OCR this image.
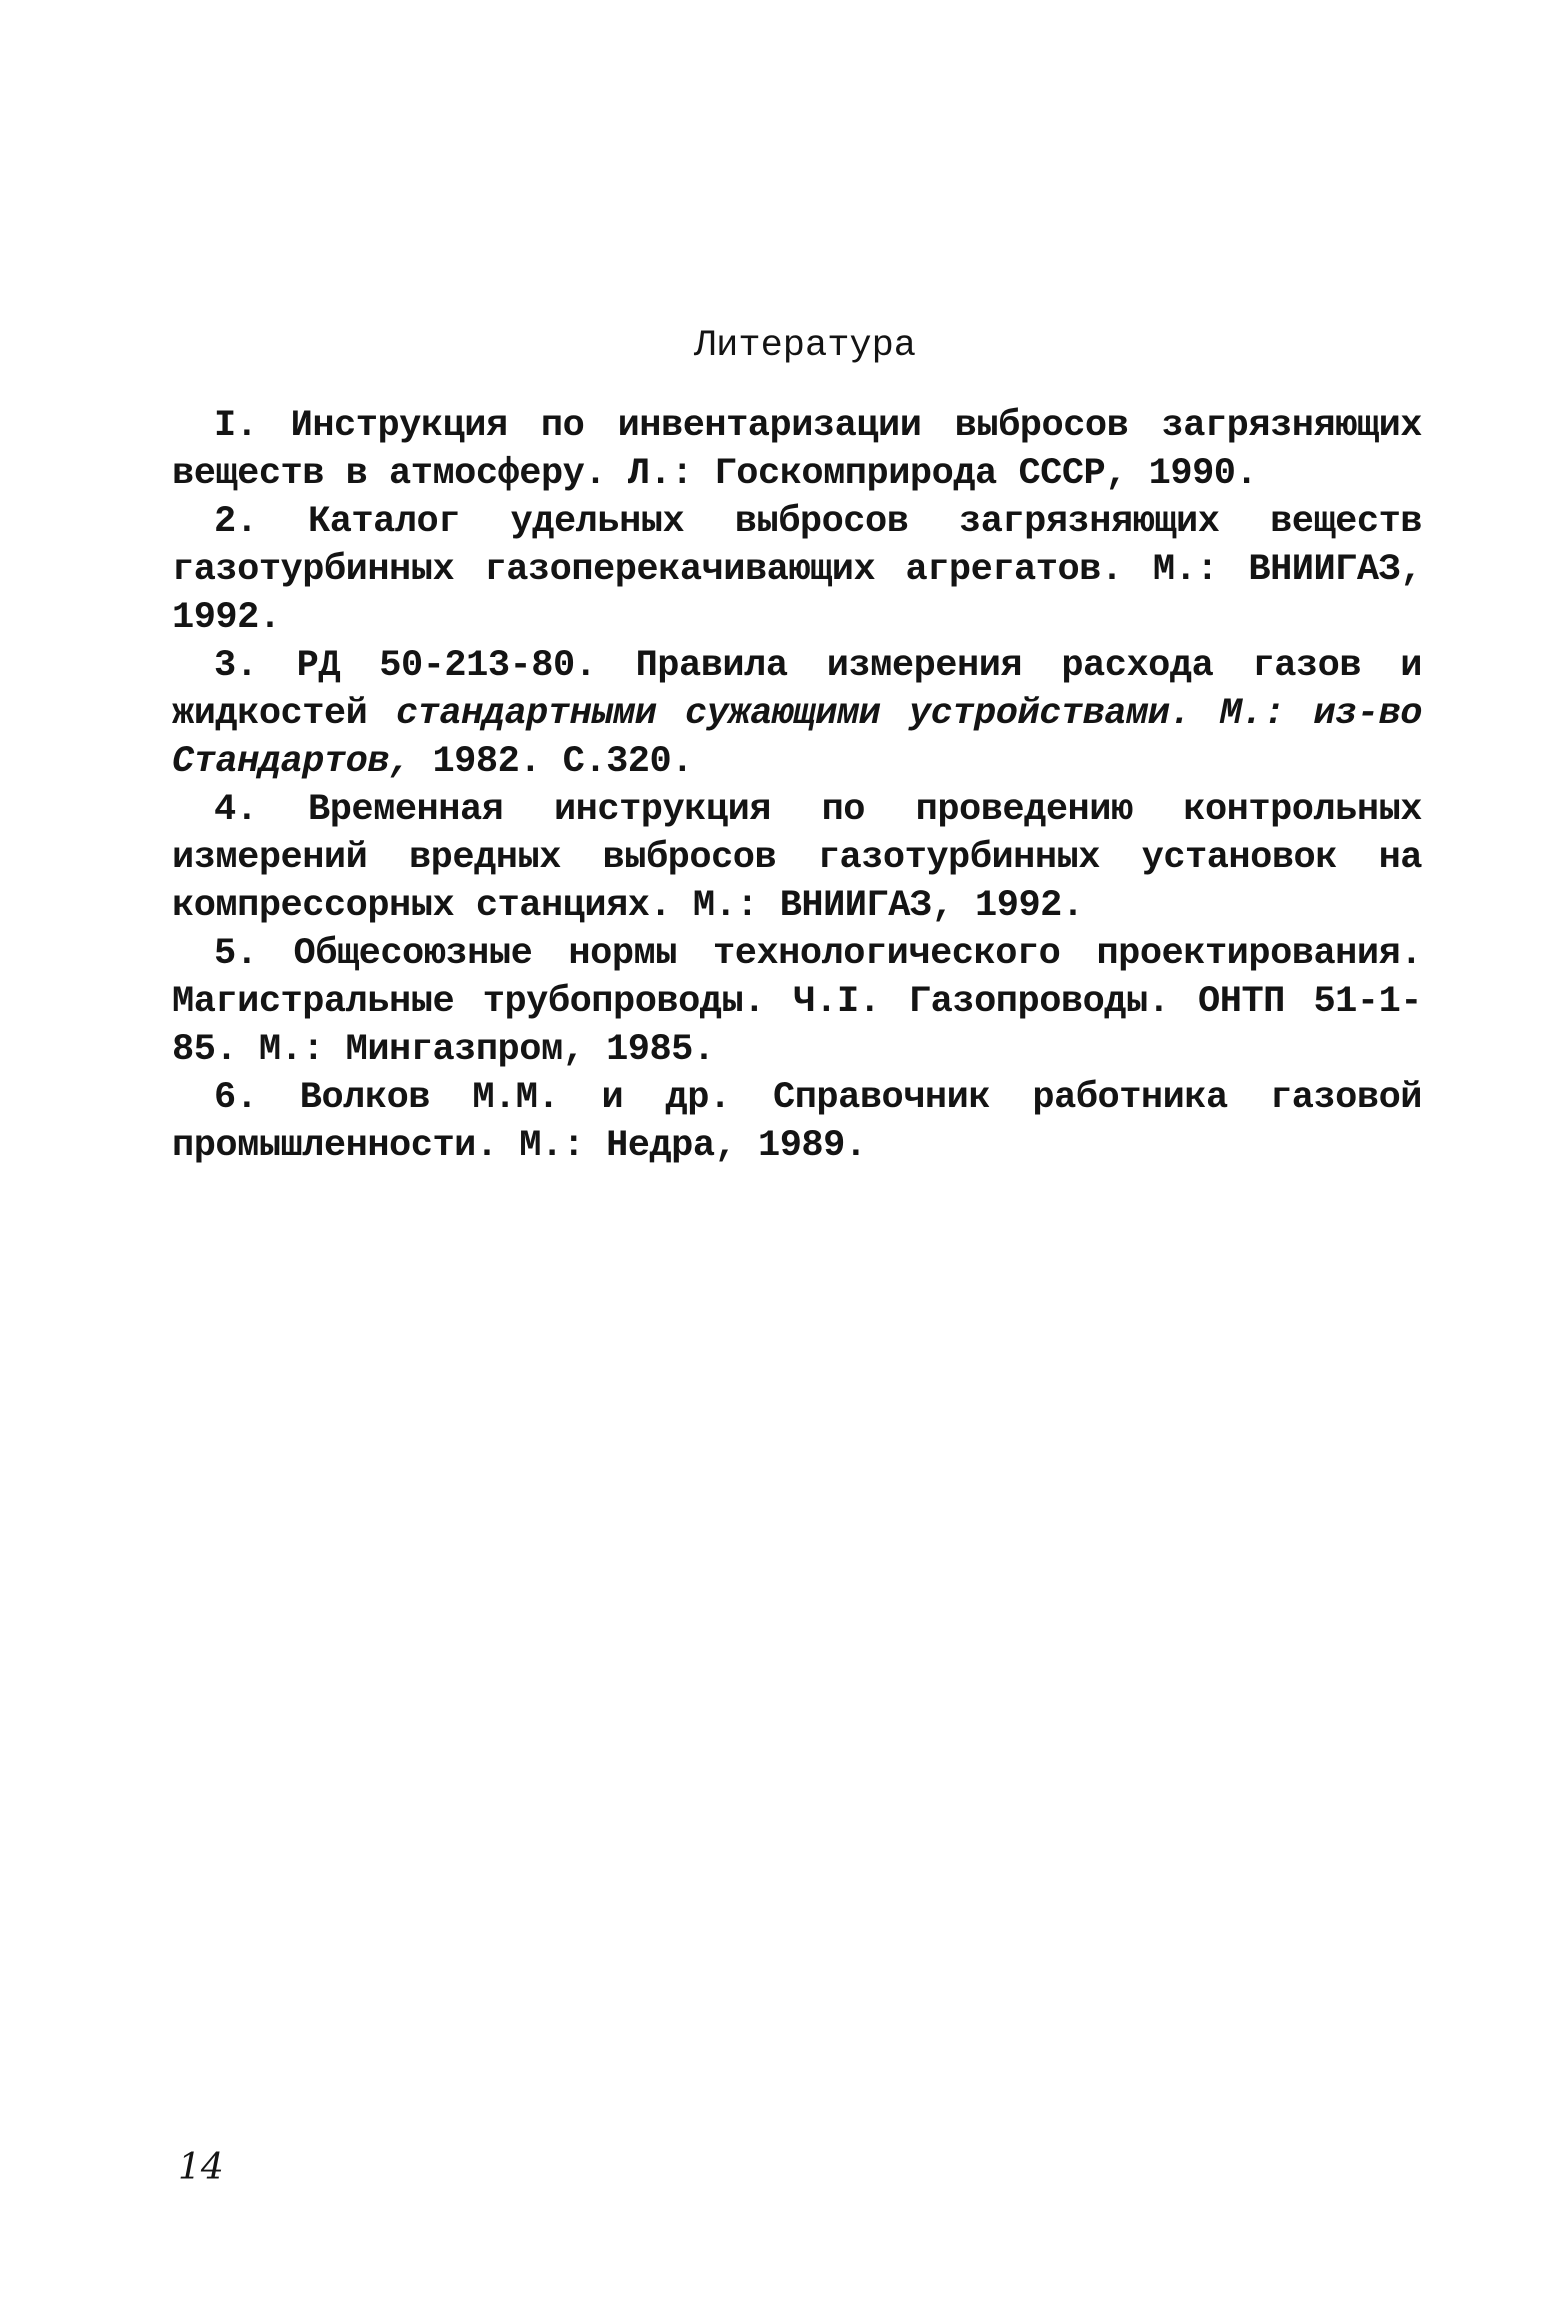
Литература

I. Инструкция по инвентаризации выбросов загрязняющих веществ в атмосферу. Л.: Госкомприрода СССР, 1990.

2. Каталог удельных выбросов загрязняющих веществ газотурбинных газоперекачивающих агрегатов. М.: ВНИИГАЗ, 1992.

3. РД 50-213-80. Правила измерения расхода газов и жидкостей стандартными сужающими устройствами. М.: из-во Стандартов, 1982. С.320.

4. Временная инструкция по проведению контрольных измерений вредных выбросов газотурбинных установок на компрессорных станциях. М.: ВНИИГАЗ, 1992.

5. Общесоюзные нормы технологического проектирования. Магистральные трубопроводы. Ч.I. Газопроводы. ОНТП 51-1-85. М.: Мингазпром, 1985.

6. Волков М.М. и др. Справочник работника газовой промышленности. М.: Недра, 1989.

14
